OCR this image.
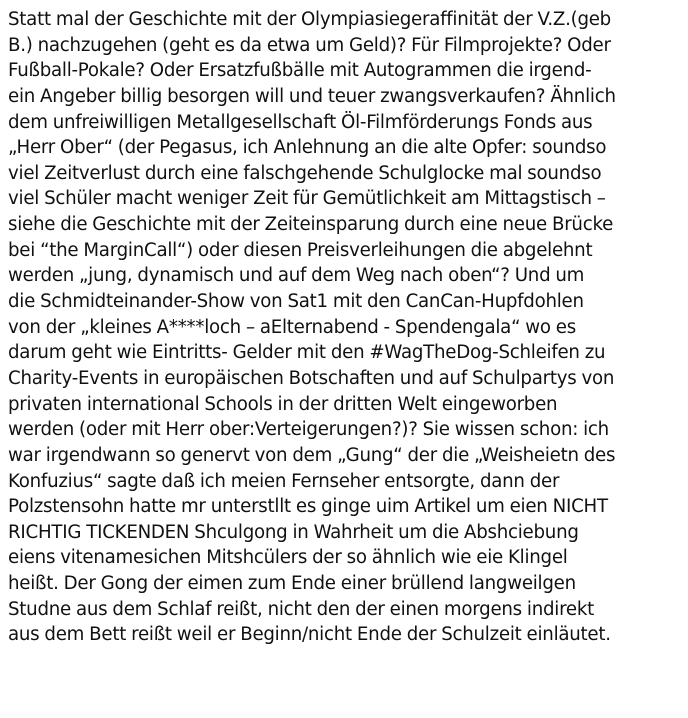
Statt mal der Geschichte mit der Olympiasiegeraffinität der V.Z.(geb
B.) nachzugehen (geht es da etwa um Geld)? Für Filmprojekte? Oder
Fußball-Pokale? Oder Ersatzfußbälle mit Autogrammen die irgend-
ein Angeber billig besorgen will und teuer zwangsverkaufen? Ähnlich
dem unfreiwilligen Metallgesellschaft Öl-Filmförderungs Fonds aus
„Herr Ober“ (der Pegasus, ich Anlehnung an die alte Opfer: soundso
viel Zeitverlust durch eine falschgehende Schulglocke mal soundso
viel Schüler macht weniger Zeit für Gemütlichkeit am Mittagstisch –
siehe die Geschichte mit der Zeiteinsparung durch eine neue Brücke
bei “the MarginCall“) oder diesen Preisverleihungen die abgelehnt
werden „jung, dynamisch und auf dem Weg nach oben“? Und um
die Schmidteinander-Show von Sat1 mit den CanCan-Hupfdohlen
von der „kleines A****loch – aElternabend - Spendengala“ wo es
darum geht wie Eintritts- Gelder mit den #WagTheDog-Schleifen zu
Charity-Events in europäischen Botschaften und auf Schulpartys von
privaten international Schools in der dritten Welt eingeworben
werden (oder mit Herr ober:Verteigerungen?)? Sie wissen schon: ich
war irgendwann so genervt von dem „Gung“ der die „Weisheietn des
Konfuzius“ sagte daß ich meien Fernseher entsorgte, dann der
Polzstensohn hatte mr unterstllt es ginge uim Artikel um eien NICHT
RICHTIG TICKENDEN Shculgong in Wahrheit um die Abshciebung
eiens vitenamesichen Mitshcülers der so ähnlich wie eie Klingel
heißt. Der Gong der eimen zum Ende einer brüllend langweilgen
Studne aus dem Schlaf reißt, nicht den der einen morgens indirekt
aus dem Bett reißt weil er Beginn/nicht Ende der Schulzeit einläutet.
